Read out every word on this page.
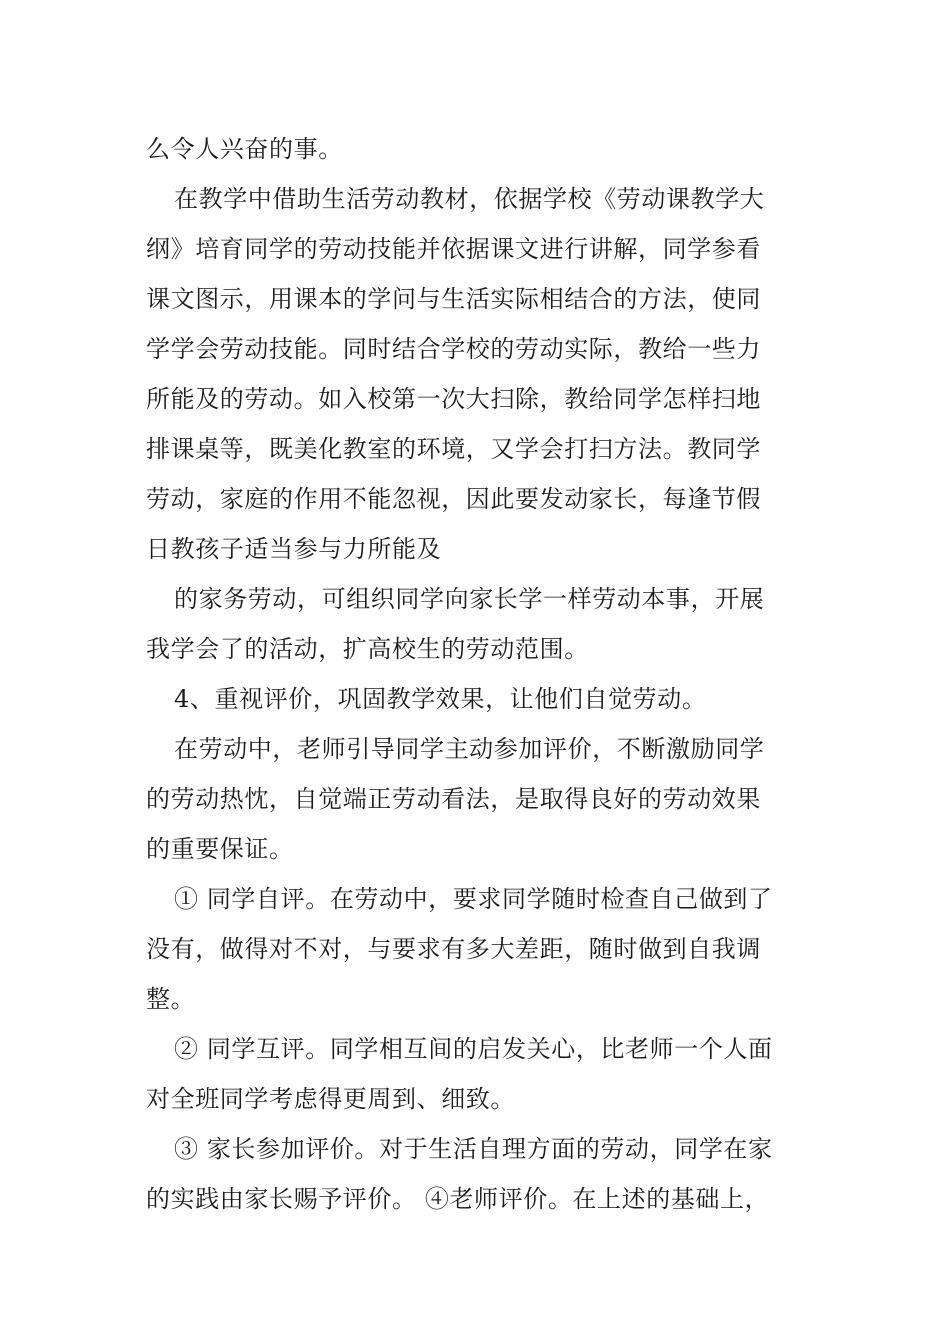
么令人兴奋的事。
在教学中借助生活劳动教材，依据学校《劳动课教学大
纲》培育同学的劳动技能并依据课文进行讲解，同学参看
课文图示，用课本的学问与生活实际相结合的方法，使同
学学会劳动技能。同时结合学校的劳动实际，教给一些力
所能及的劳动。如入校第一次大扫除，教给同学怎样扫地
排课桌等，既美化教室的环境，又学会打扫方法。教同学
劳动，家庭的作用不能忽视，因此要发动家长，每逢节假
日教孩子适当参与力所能及
的家务劳动，可组织同学向家长学一样劳动本事，开展
我学会了的活动，扩高校生的劳动范围。
4、重视评价，巩固教学效果，让他们自觉劳动。
在劳动中，老师引导同学主动参加评价，不断激励同学
的劳动热忱，自觉端正劳动看法，是取得良好的劳动效果
的重要保证。
① 同学自评。在劳动中，要求同学随时检查自己做到了
没有，做得对不对，与要求有多大差距，随时做到自我调
整。
② 同学互评。同学相互间的启发关心，比老师一个人面
对全班同学考虑得更周到、细致。
③ 家长参加评价。对于生活自理方面的劳动，同学在家
的实践由家长赐予评价。 ④老师评价。在上述的基础上，
